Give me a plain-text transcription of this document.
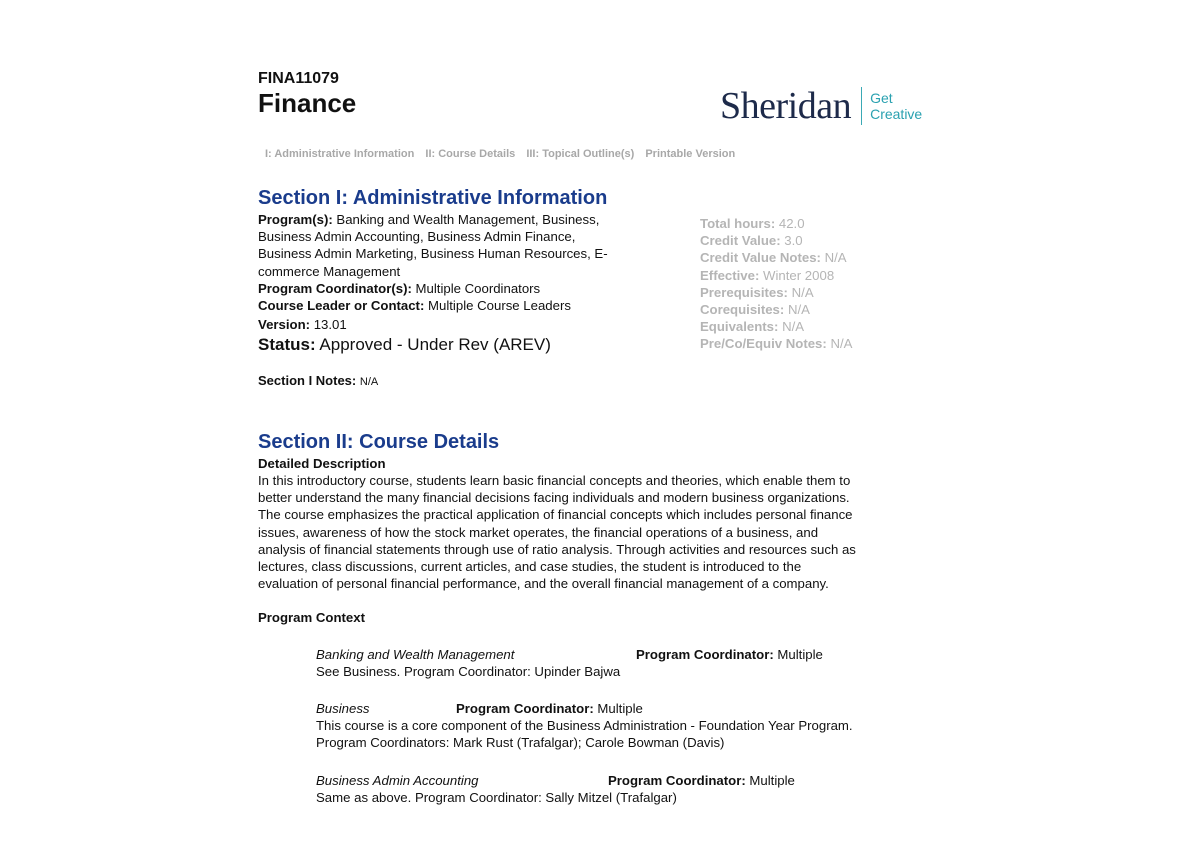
FINA11079
Finance	Sheridan Get
Creative
I: Administrative Information II: Course Details III: Topical Outline(s) Printable Version
Section I: Administrative Information
Program(s): Banking and Wealth Management, Business,
Business Admin Accounting, Business Admin Finance,
Business Admin Marketing, Business Human Resources, E-
commerce Management
Program Coordinator(s): Multiple Coordinators
Course Leader or Contact: Multiple Course Leaders
Version: 13.01
Status: Approved - Under Rev (AREV)
Total hours: 42.0
Credit Value: 3.0
Credit Value Notes: N/A
Effective: Winter 2008
Prerequisites: N/A
Corequisites: N/A
Equivalents: N/A
Pre/Co/Equiv Notes: N/A
Section I Notes: N/A
Section II: Course Details
Detailed Description
In this introductory course, students learn basic financial concepts and theories, which enable them to
better understand the many financial decisions facing individuals and modern business organizations.
The course emphasizes the practical application of financial concepts which includes personal finance
issues, awareness of how the stock market operates, the financial operations of a business, and
analysis of financial statements through use of ratio analysis. Through activities and resources such as
lectures, class discussions, current articles, and case studies, the student is introduced to the
evaluation of personal financial performance, and the overall financial management of a company.
Program Context
Banking and Wealth Management	Program Coordinator: Multiple
See Business. Program Coordinator: Upinder Bajwa
Business	Program Coordinator: Multiple
This course is a core component of the Business Administration - Foundation Year Program.
Program Coordinators: Mark Rust (Trafalgar); Carole Bowman (Davis)
Business Admin Accounting	Program Coordinator: Multiple
Same as above. Program Coordinator: Sally Mitzel (Trafalgar)
